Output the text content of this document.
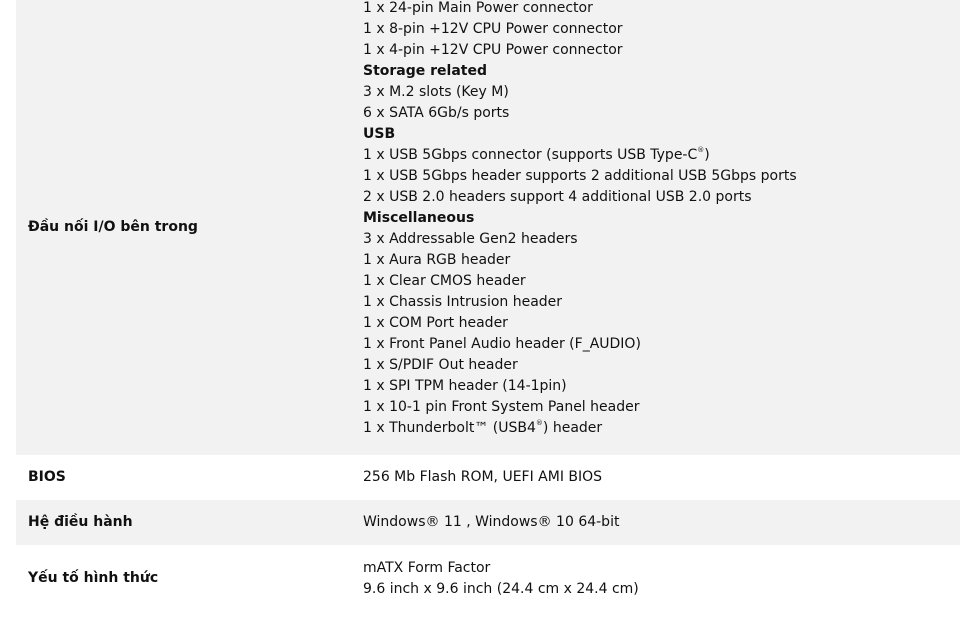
Đầu nối I/O bên trong
1 x 24-pin Main Power connector
1 x 8-pin +12V CPU Power connector
1 x 4-pin +12V CPU Power connector
Storage related
3 x M.2 slots (Key M)
6 x SATA 6Gb/s ports
USB
1 x USB 5Gbps connector (supports USB Type-C®)
1 x USB 5Gbps header supports 2 additional USB 5Gbps ports
2 x USB 2.0 headers support 4 additional USB 2.0 ports
Miscellaneous
3 x Addressable Gen2 headers
1 x Aura RGB header
1 x Clear CMOS header
1 x Chassis Intrusion header
1 x COM Port header
1 x Front Panel Audio header (F_AUDIO)
1 x S/PDIF Out header
1 x SPI TPM header (14-1pin)
1 x 10-1 pin Front System Panel header
1 x Thunderbolt™ (USB4®) header
BIOS	256 Mb Flash ROM, UEFI AMI BIOS
Hệ điều hành	Windows® 11 , Windows® 10 64-bit
Yếu tố hình thức
mATX Form Factor
9.6 inch x 9.6 inch (24.4 cm x 24.4 cm)
